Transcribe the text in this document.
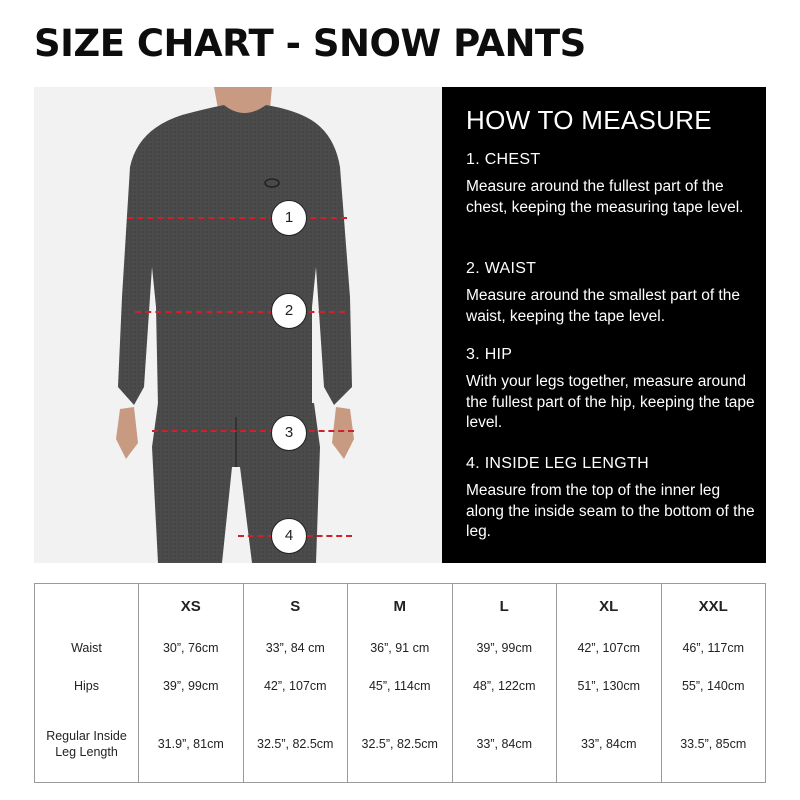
SIZE CHART - SNOW PANTS
1
2
3
4
HOW TO MEASURE

1. CHEST

Measure around the fullest part of the chest, keeping the measuring tape level.

2. WAIST

Measure around the smallest part of the waist, keeping the tape level.

3. HIP

With your legs together, measure around the fullest part of the hip, keeping the tape level.

4. INSIDE LEG LENGTH

Measure from the top of the inner leg along the inside seam to the bottom of the leg.

	XS	S	M	L	XL	XXL
Waist	30”, 76cm	33”, 84 cm	36”, 91 cm	39”, 99cm	42”, 107cm	46”, 117cm
Hips	39”, 99cm	42”, 107cm	45”, 114cm	48”, 122cm	51”, 130cm	55”, 140cm
Regular Inside Leg Length	31.9”, 81cm	32.5”, 82.5cm	32.5”, 82.5cm	33”, 84cm	33”, 84cm	33.5”, 85cm
